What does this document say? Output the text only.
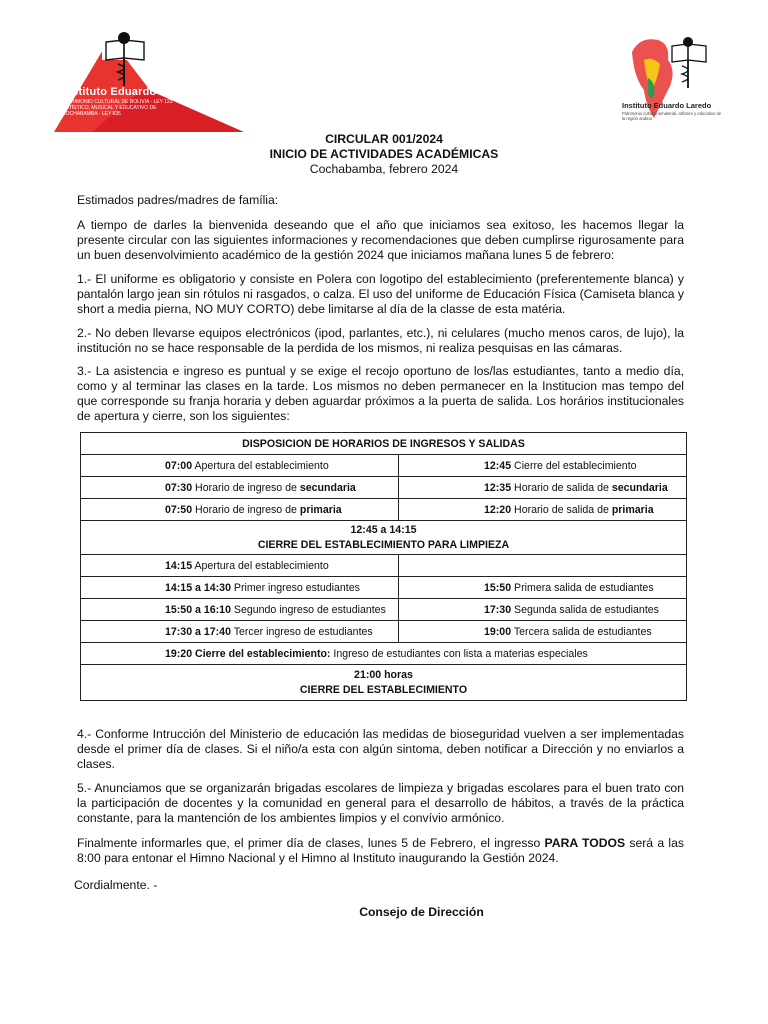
Instituto Eduardo Laredo
PATRIMONIO CULTURAL DE BOLIVIA - LEY 123 ARTÍSTICO, MUSICAL Y EDUCATIVO DE COCHABAMBA - LEY 835
Instituto Eduardo Laredo
Patrimonio cultural inmaterial, artístico y educativo de la región andina
CIRCULAR 001/2024
INICIO DE ACTIVIDADES ACADÉMICAS
Cochabamba, febrero 2024
Estimados padres/madres de família:
A tiempo de darles la bienvenida deseando que el año que iniciamos sea exitoso, les hacemos llegar la presente circular con las siguientes informaciones y recomendaciones que deben cumplirse rigurosamente para un buen desenvolvimiento académico de la gestión 2024 que iniciamos mañana lunes 5 de febrero:
1.- El uniforme es obligatorio y consiste en Polera con logotipo del establecimiento (preferentemente blanca) y pantalón largo jean sin rótulos ni rasgados, o calza. El uso del uniforme de Educación Física (Camiseta blanca y short a media pierna, NO MUY CORTO) debe limitarse al día de la classe de esta matéria.
2.- No deben llevarse equipos electrónicos (ipod, parlantes, etc.), ni celulares (mucho menos caros, de lujo), la institución no se hace responsable de la perdida de los mismos, ni realiza pesquisas en las cámaras.
3.- La asistencia e ingreso es puntual y se exige el recojo oportuno de los/las estudiantes, tanto a medio día, como y al terminar las clases en la tarde. Los mismos no deben permanecer en la Institucion mas tempo del que corresponde su franja horaria y deben aguardar próximos a la puerta de salida. Los horários institucionales de apertura y cierre, son los siguientes:
DISPOSICION DE HORARIOS DE INGRESOS Y SALIDAS	
07:00 Apertura del establecimiento	12:45 Cierre del establecimiento
07:30 Horario de ingreso de secundaria	12:35 Horario de salida de secundaria
07:50 Horario de ingreso de primaria	12:20 Horario de salida de primaria

12:45 a 14:15
CIERRE DEL ESTABLECIMIENTO PARA LIMPIEZA	

14:15 Apertura del establecimiento	
14:15 a 14:30 Primer ingreso estudiantes	15:50 Primera salida de estudiantes
15:50 a 16:10 Segundo ingreso de estudiantes	17:30 Segunda salida de estudiantes
17:30 a 17:40 Tercer ingreso de estudiantes	19:00 Tercera salida de estudiantes
19:20 Cierre del establecimiento: Ingreso de estudiantes con lista a materias especiales	

21:00 horas
CIERRE DEL ESTABLECIMIENTO	
4.- Conforme Intrucción del Ministerio de educación las medidas de bioseguridad vuelven a ser implementadas desde el primer día de clases. Si el niño/a esta con algún sintoma, deben notificar a Dirección y no enviarlos a clases.
5.- Anunciamos que se organizarán brigadas escolares de limpieza y brigadas escolares para el buen trato con la participación de docentes y la comunidad en general para el desarrollo de hábitos, a través de la práctica constante, para la mantención de los ambientes limpios y el convívio armónico.
Finalmente informarles que, el primer día de clases, lunes 5 de Febrero, el ingresso PARA TODOS será a las 8:00 para entonar el Himno Nacional y el Himno al Instituto inaugurando la Gestión 2024.
Cordialmente. -
Consejo de Dirección
